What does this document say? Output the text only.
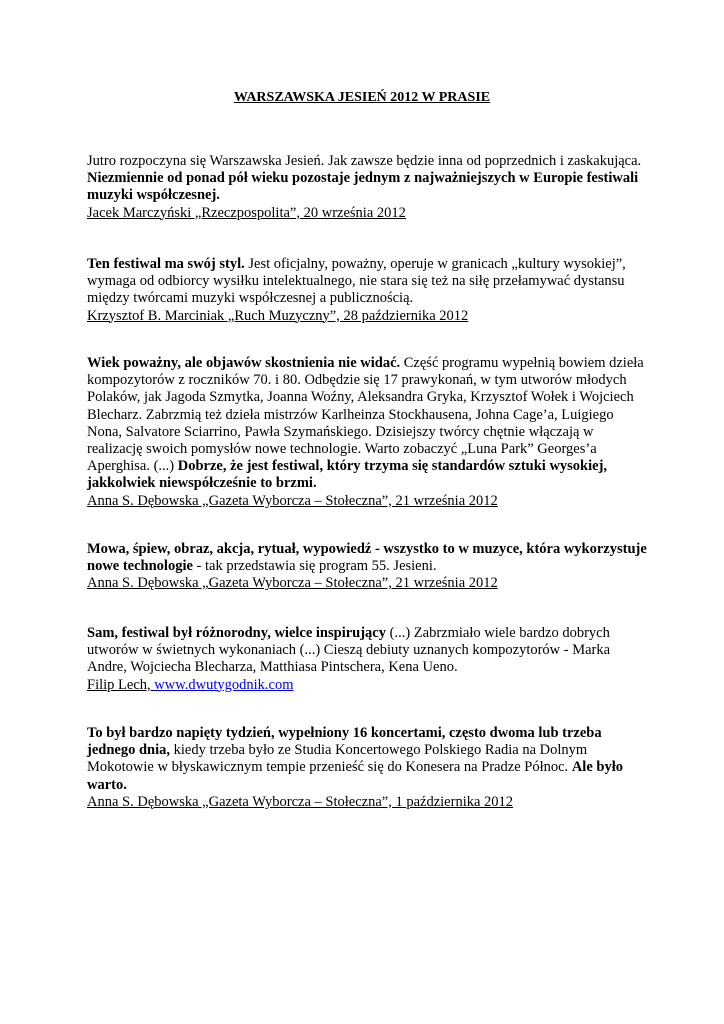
WARSZAWSKA JESIEŃ 2012 W PRASIE

Jutro rozpoczyna się Warszawska Jesień. Jak zawsze będzie inna od poprzednich i zaskakująca. Niezmiennie od ponad pół wieku pozostaje jednym z najważniejszych w Europie festiwali muzyki współczesnej.

Jacek Marczyński „Rzeczpospolita”, 20 września 2012

Ten festiwal ma swój styl. Jest oficjalny, poważny, operuje w granicach „kultury wysokiej”, wymaga od odbiorcy wysiłku intelektualnego, nie stara się też na siłę przełamywać dystansu między twórcami muzyki współczesnej a publicznością.

Krzysztof B. Marciniak „Ruch Muzyczny”, 28 października 2012

Wiek poważny, ale objawów skostnienia nie widać. Część programu wypełnią bowiem dzieła kompozytorów z roczników 70. i 80. Odbędzie się 17 prawykonań, w tym utworów młodych Polaków, jak Jagoda Szmytka, Joanna Woźny, Aleksandra Gryka, Krzysztof Wołek i Wojciech Blecharz. Zabrzmią też dzieła mistrzów Karlheinza Stockhausena, Johna Cage’a, Luigiego Nona, Salvatore Sciarrino, Pawła Szymańskiego. Dzisiejszy twórcy chętnie włączają w realizację swoich pomysłów nowe technologie. Warto zobaczyć „Luna Park” Georges’a Aperghisa. (...) Dobrze, że jest festiwal, który trzyma się standardów sztuki wysokiej, jakkolwiek niewspółcześnie to brzmi.

Anna S. Dębowska „Gazeta Wyborcza – Stołeczna”, 21 września 2012

Mowa, śpiew, obraz, akcja, rytuał, wypowiedź - wszystko to w muzyce, która wykorzystuje nowe technologie - tak przedstawia się program 55. Jesieni.

Anna S. Dębowska „Gazeta Wyborcza – Stołeczna”, 21 września 2012

Sam, festiwal był różnorodny, wielce inspirujący (...) Zabrzmiało wiele bardzo dobrych utworów w świetnych wykonaniach (...) Cieszą debiuty uznanych kompozytorów - Marka Andre, Wojciecha Blecharza, Matthiasa Pintschera, Kena Ueno.

Filip Lech, www.dwutygodnik.com

To był bardzo napięty tydzień, wypełniony 16 koncertami, często dwoma lub trzeba jednego dnia, kiedy trzeba było ze Studia Koncertowego Polskiego Radia na Dolnym Mokotowie w błyskawicznym tempie przenieść się do Konesera na Pradze Północ. Ale było warto.

Anna S. Dębowska „Gazeta Wyborcza – Stołeczna”, 1 października 2012
